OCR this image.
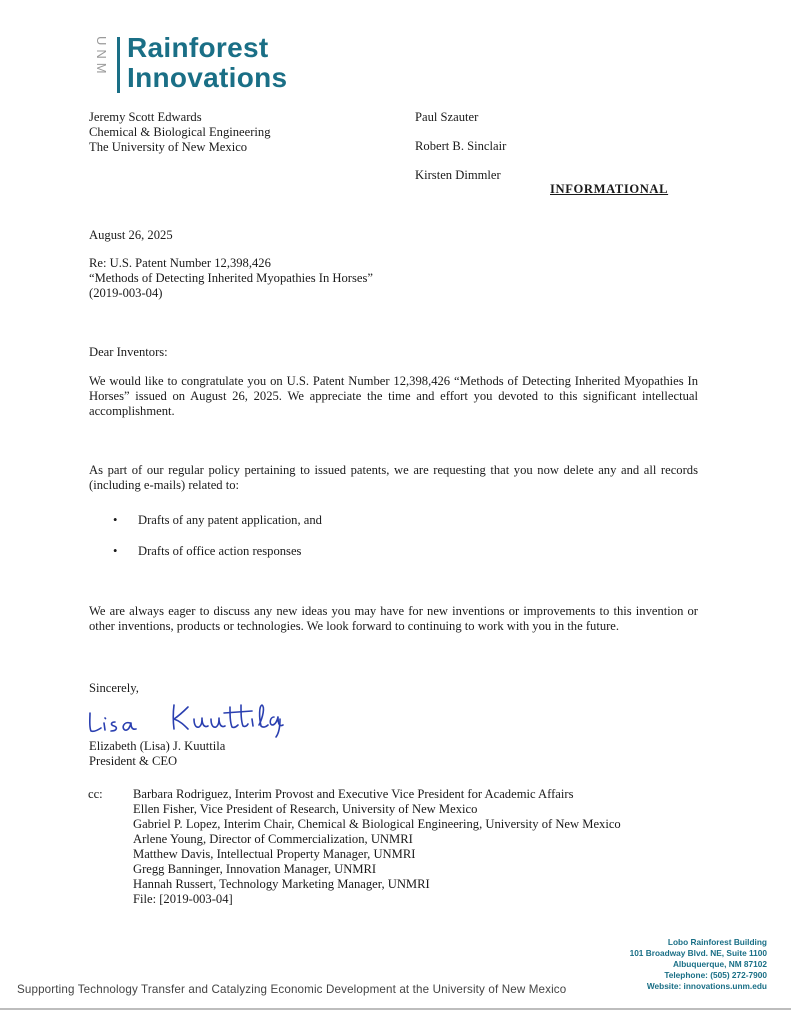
UNM Rainforest
Innovations
Jeremy Scott Edwards
Chemical & Biological Engineering
The University of New Mexico
Paul Szauter
Robert B. Sinclair
Kirsten Dimmler
INFORMATIONAL
August 26, 2025
Re: U.S. Patent Number 12,398,426
“Methods of Detecting Inherited Myopathies In Horses”
(2019-003-04)
Dear Inventors:

We would like to congratulate you on U.S. Patent Number 12,398,426 “Methods of Detecting Inherited Myopathies In Horses” issued on August 26, 2025. We appreciate the time and effort you devoted to this significant intellectual accomplishment.

As part of our regular policy pertaining to issued patents, we are requesting that you now delete any and all records (including e-mails) related to:

• Drafts of any patent application, and
• Drafts of office action responses

We are always eager to discuss any new ideas you may have for new inventions or improvements to this invention or other inventions, products or technologies. We look forward to continuing to work with you in the future.

Sincerely,
Elizabeth (Lisa) J. Kuuttila
President & CEO
cc: Barbara Rodriguez, Interim Provost and Executive Vice President for Academic Affairs
Ellen Fisher, Vice President of Research, University of New Mexico
Gabriel P. Lopez, Interim Chair, Chemical & Biological Engineering, University of New Mexico
Arlene Young, Director of Commercialization, UNMRI
Matthew Davis, Intellectual Property Manager, UNMRI
Gregg Banninger, Innovation Manager, UNMRI
Hannah Russert, Technology Marketing Manager, UNMRI
File: [2019-003-04]
Lobo Rainforest Building
101 Broadway Blvd. NE, Suite 1100
Albuquerque, NM 87102
Telephone: (505) 272-7900
Website: innovations.unm.edu
Supporting Technology Transfer and Catalyzing Economic Development at the University of New Mexico
